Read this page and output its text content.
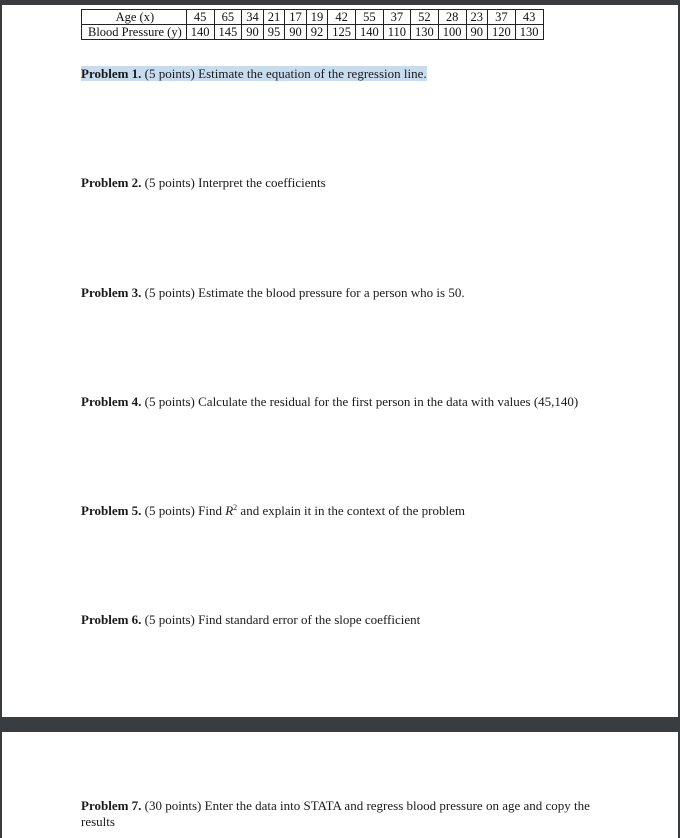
Age (x)	45	65	34	21	17	19	42	55	37	52	28	23	37	43
Blood Pressure (y)	140	145	90	95	90	92	125	140	110	130	100	90	120	130
Problem 1. (5 points) Estimate the equation of the regression line.
Problem 2. (5 points) Interpret the coefficients
Problem 3. (5 points) Estimate the blood pressure for a person who is 50.
Problem 4. (5 points) Calculate the residual for the first person in the data with values (45,140)
Problem 5. (5 points) Find $R^2$ and explain it in the context of the problem
Problem 6. (5 points) Find standard error of the slope coefficient
Problem 7. (30 points) Enter the data into STATA and regress blood pressure on age and copy the results
